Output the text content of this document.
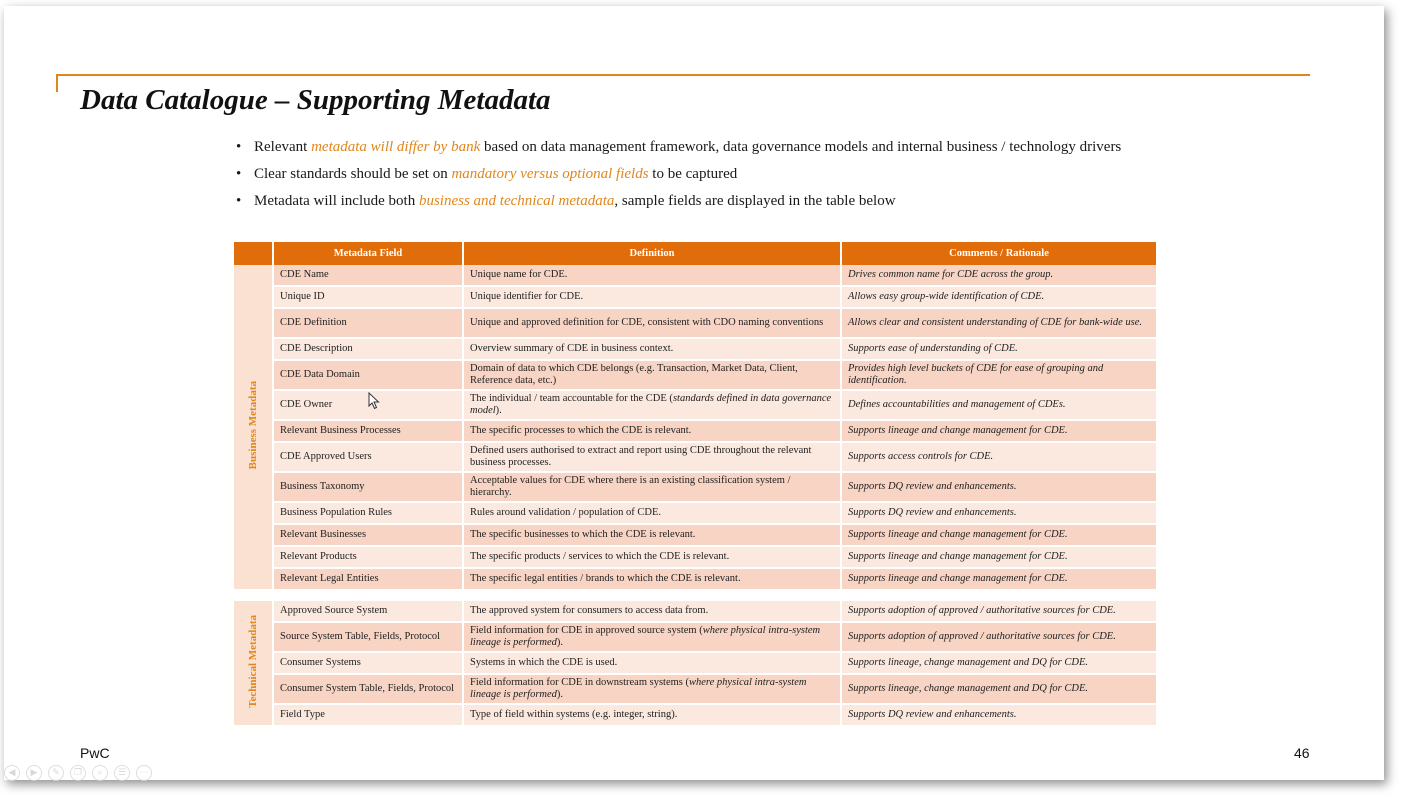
Data Catalogue – Supporting Metadata
• Relevant metadata will differ by bank based on data management framework, data governance models and internal business / technology drivers
• Clear standards should be set on mandatory versus optional fields to be captured
• Metadata will include both business and technical metadata, sample fields are displayed in the table below
	Metadata Field	Definition	Comments / Rationale
Business Metadata	CDE Name	Unique name for CDE.	Drives common name for CDE across the group.
	Unique ID	Unique identifier for CDE.	Allows easy group-wide identification of CDE.
	CDE Definition	Unique and approved definition for CDE, consistent with CDO naming conventions	Allows clear and consistent understanding of CDE for bank-wide use.
	CDE Description	Overview summary of CDE in business context.	Supports ease of understanding of CDE.
	CDE Data Domain	Domain of data to which CDE belongs (e.g. Transaction, Market Data, Client, Reference data, etc.)	Provides high level buckets of CDE for ease of grouping and identification.
	CDE Owner	The individual / team accountable for the CDE (standards defined in data governance model).	Defines accountabilities and management of CDEs.
	Relevant Business Processes	The specific processes to which the CDE is relevant.	Supports lineage and change management for CDE.
	CDE Approved Users	Defined users authorised to extract and report using CDE throughout the relevant business processes.	Supports access controls for CDE.
	Business Taxonomy	Acceptable values for CDE where there is an existing classification system / hierarchy.	Supports DQ review and enhancements.
	Business Population Rules	Rules around validation / population of CDE.	Supports DQ review and enhancements.
	Relevant Businesses	The specific businesses to which the CDE is relevant.	Supports lineage and change management for CDE.
	Relevant Products	The specific products / services to which the CDE is relevant.	Supports lineage and change management for CDE.
	Relevant Legal Entities	The specific legal entities / brands to which the CDE is relevant.	Supports lineage and change management for CDE.

Technical Metadata	Approved Source System	The approved system for consumers to access data from.	Supports adoption of approved / authoritative sources for CDE.
	Source System Table, Fields, Protocol	Field information for CDE in approved source system (where physical intra-system lineage is performed).	Supports adoption of approved / authoritative sources for CDE.
	Consumer Systems	Systems in which the CDE is used.	Supports lineage, change management and DQ for CDE.
	Consumer System Table, Fields, Protocol	Field information for CDE in downstream systems (where physical intra-system lineage is performed).	Supports lineage, change management and DQ for CDE.
	Field Type	Type of field within systems (e.g. integer, string).	Supports DQ review and enhancements.
PwC	46
◀	▶	✎	❐	⌕	☰	⋯
